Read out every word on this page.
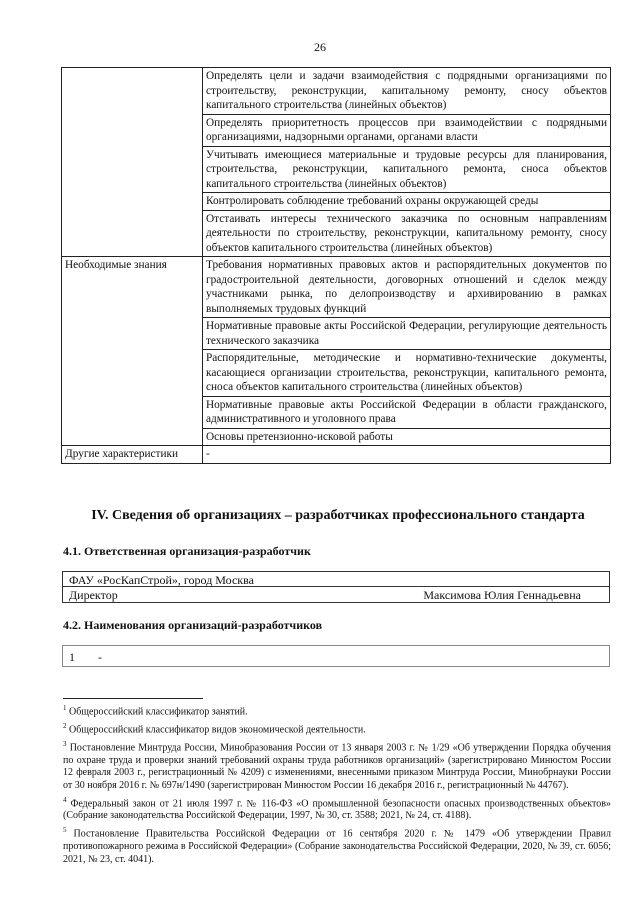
26
	Определять цели и задачи взаимодействия с подрядными организациями по строительству, реконструкции, капитальному ремонту, сносу объектов капитального строительства (линейных объектов)
	Определять приоритетность процессов при взаимодействии с подрядными организациями, надзорными органами, органами власти
	Учитывать имеющиеся материальные и трудовые ресурсы для планирования, строительства, реконструкции, капитального ремонта, сноса объектов капитального строительства (линейных объектов)
	Контролировать соблюдение требований охраны окружающей среды
	Отстаивать интересы технического заказчика по основным направлениям деятельности по строительству, реконструкции, капитальному ремонту, сносу объектов капитального строительства (линейных объектов)
Необходимые знания	Требования нормативных правовых актов и распорядительных документов по градостроительной деятельности, договорных отношений и сделок между участниками рынка, по делопроизводству и архивированию в рамках выполняемых трудовых функций
	Нормативные правовые акты Российской Федерации, регулирующие деятельность технического заказчика
	Распорядительные, методические и нормативно-технические документы, касающиеся организации строительства, реконструкции, капитального ремонта, сноса объектов капитального строительства (линейных объектов)
	Нормативные правовые акты Российской Федерации в области гражданского, административного и уголовного права
	Основы претензионно-исковой работы
Другие характеристики	-
IV. Сведения об организациях – разработчиках профессионального стандарта
4.1. Ответственная организация-разработчик
ФАУ «РосКапСтрой», город Москва
Директор	Максимова Юлия Геннадьевна
4.2. Наименования организаций-разработчиков
1 -

$^1$ Общероссийский классификатор занятий.

$^2$ Общероссийский классификатор видов экономической деятельности.

$^3$ Постановление Минтруда России, Минобразования России от 13 января 2003 г. № 1/29 «Об утверждении Порядка обучения по охране труда и проверки знаний требований охраны труда работников организаций» (зарегистрировано Минюстом России 12 февраля 2003 г., регистрационный № 4209) с изменениями, внесенными приказом Минтруда России, Минобрнауки России от 30 ноября 2016 г. № 697н/1490 (зарегистрирован Минюстом России 16 декабря 2016 г., регистрационный № 44767).

$^4$ Федеральный закон от 21 июля 1997 г. № 116-ФЗ «О промышленной безопасности опасных производственных объектов» (Собрание законодательства Российской Федерации, 1997, № 30, ст. 3588; 2021, № 24, ст. 4188).

$^5$ Постановление Правительства Российской Федерации от 16 сентября 2020 г. № 1479 «Об утверждении Правил противопожарного режима в Российской Федерации» (Собрание законодательства Российской Федерации, 2020, № 39, ст. 6056; 2021, № 23, ст. 4041).
